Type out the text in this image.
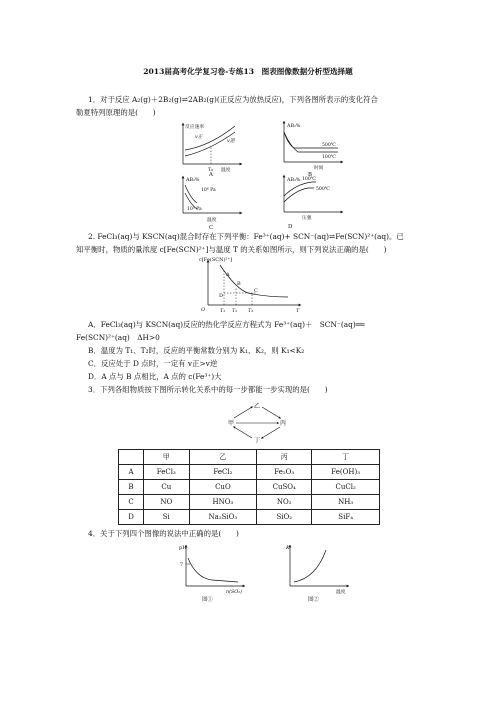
2013届高考化学复习卷-专练13　图表图像数据分析型选择题
1．对于反应 A₂(g)＋2B₂(g)⇌2AB₂(g)(正反应为放热反应)，下列各图所表示的变化符合
勒夏特列原理的是(　　)
反应速率
v正
v逆
T₀ 温度
A
AB₂%
500℃
100℃
时间
B
AB₂%
10⁶ Pa
10⁵ Pa
温度
C
AB₂% 100℃
500℃
压强
D
2. FeCl₃(aq)与 KSCN(aq)混合时存在下列平衡：Fe³⁺(aq)+ SCN⁻(aq)⇌Fe(SCN)²⁺(aq)。已
知平衡时，物质的量浓度 c[Fe(SCN)²⁺]与温度 T 的关系如图所示，则下列说法正确的是(　　)
c[Fe(SCN)²⁺]
O	T₁ T₂ T₃	T
A
B
C
D
A．FeCl₃(aq)与 KSCN(aq)反应的热化学反应方程式为 Fe³⁺(aq)＋　SCN⁻(aq)══
Fe(SCN)²⁺(aq)　ΔH>0
B．温度为 T₁、T₂时，反应的平衡常数分别为 K₁、K₂，则 K₁<K₂
C．反应处于 D 点时，一定有 v正>v逆
D．A 点与 B 点相比，A 点的 c(Fe³⁺)大
3．下列各组物质按下图所示转化关系中的每一步都能一步实现的是(　　)
乙
甲	丙
丁
	甲	乙	丙	丁
A	FeCl₃	FeCl₂	Fe₂O₃	Fe(OH)₃
B	Cu	CuO	CuSO₄	CuCl₂
C	NO	HNO₃	NO₂	NH₃
D	Si	Na₂SiO₃	SiO₂	SiF₄
4．关于下列四个图像的说法中正确的是(　　)
pH
7
n(SO₂)
图①
K
温度
图②
